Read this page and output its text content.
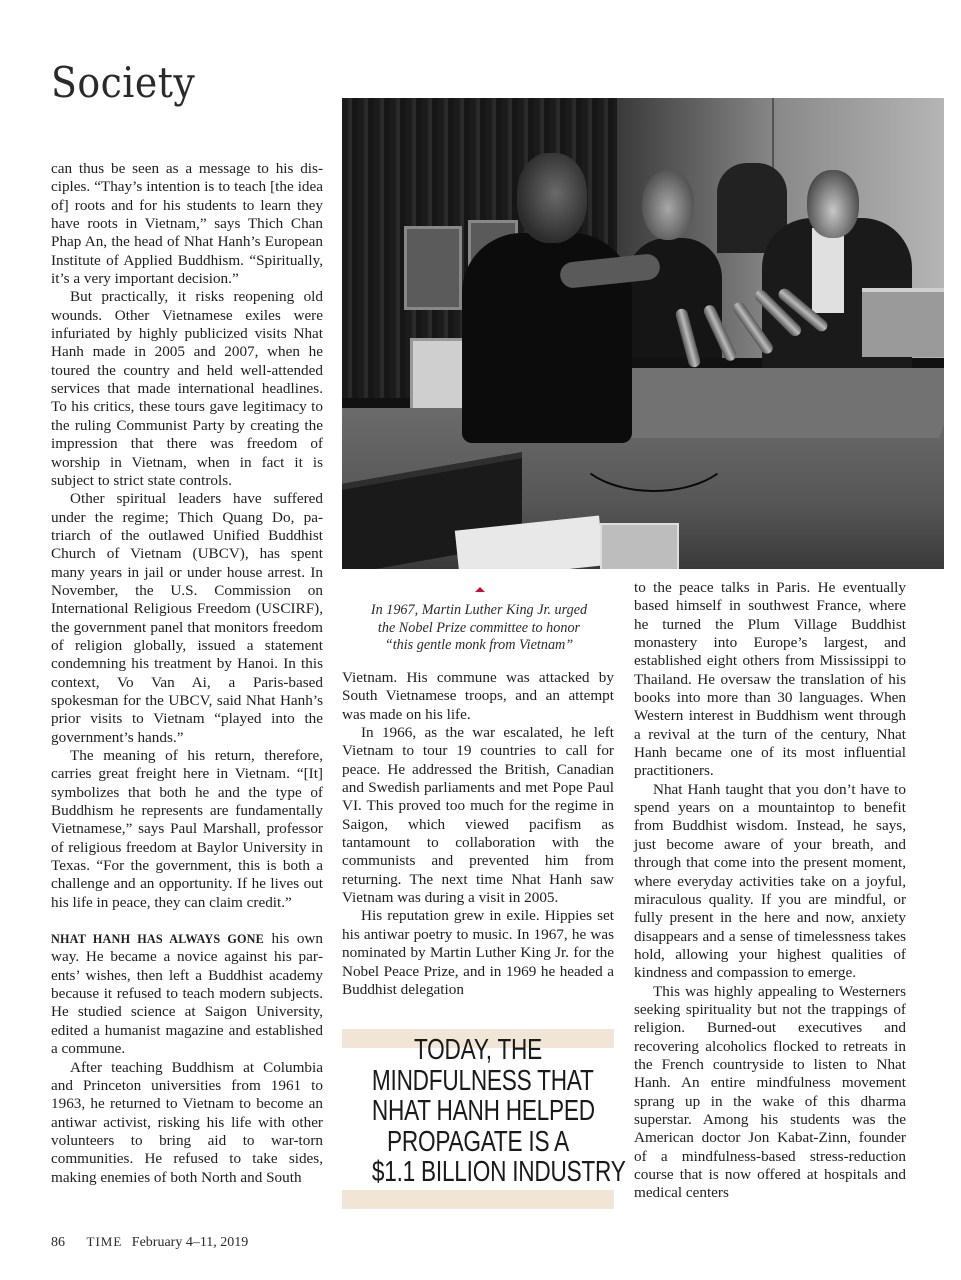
Society

can thus be seen as a message to his disciples. “Thay’s intention is to teach [the idea of] roots and for his students to learn they have roots in Vietnam,” says Thich Chan Phap An, the head of Nhat Hanh’s European Institute of Applied Buddhism. “Spiritually, it’s a very important decision.”

But practically, it risks reopening old wounds. Other Vietnamese exiles were infuriated by highly publicized visits Nhat Hanh made in 2005 and 2007, when he toured the country and held well-attended services that made international headlines. To his critics, these tours gave legitimacy to the ruling Communist Party by creating the impression that there was freedom of worship in Vietnam, when in fact it is subject to strict state controls.

Other spiritual leaders have suffered under the regime; Thich Quang Do, patriarch of the outlawed Unified Buddhist Church of Vietnam (UBCV), has spent many years in jail or under house arrest. In November, the U.S. Commission on International Religious Freedom (USCIRF), the government panel that monitors freedom of religion globally, issued a statement condemning his treatment by Hanoi. In this context, Vo Van Ai, a Paris-based spokesman for the UBCV, said Nhat Hanh’s prior visits to Vietnam “played into the government’s hands.”

The meaning of his return, therefore, carries great freight here in Vietnam. “[It] symbolizes that both he and the type of Buddhism he represents are fundamentally Vietnamese,” says Paul Marshall, professor of religious freedom at Baylor University in Texas. “For the government, this is both a challenge and an opportunity. If he lives out his life in peace, they can claim credit.”

NHAT HANH HAS ALWAYS GONE his own way. He became a novice against his parents’ wishes, then left a Buddhist academy because it refused to teach modern subjects. He studied science at Saigon University, edited a humanist magazine and established a commune.

After teaching Buddhism at Columbia and Princeton universities from 1961 to 1963, he returned to Vietnam to become an antiwar activist, risking his life with other volunteers to bring aid to war-torn communities. He refused to take sides, making enemies of both North and South

In 1967, Martin Luther King Jr. urged
the Nobel Prize committee to honor
“this gentle monk from Vietnam”

Vietnam. His commune was attacked by South Vietnamese troops, and an attempt was made on his life.

In 1966, as the war escalated, he left Vietnam to tour 19 countries to call for peace. He addressed the British, Canadian and Swedish parliaments and met Pope Paul VI. This proved too much for the regime in Saigon, which viewed pacifism as tantamount to collaboration with the communists and prevented him from returning. The next time Nhat Hanh saw Vietnam was during a visit in 2005.

His reputation grew in exile. Hippies set his antiwar poetry to music. In 1967, he was nominated by Martin Luther King Jr. for the Nobel Peace Prize, and in 1969 he headed a Buddhist delegation

TODAY, THE
MINDFULNESS THAT
NHAT HANH HELPED
PROPAGATE IS A
$1.1 BILLION INDUSTRY

to the peace talks in Paris. He eventually based himself in southwest France, where he turned the Plum Village Buddhist monastery into Europe’s largest, and established eight others from Mississippi to Thailand. He oversaw the translation of his books into more than 30 languages. When Western interest in Buddhism went through a revival at the turn of the century, Nhat Hanh became one of its most influential practitioners.

Nhat Hanh taught that you don’t have to spend years on a mountaintop to benefit from Buddhist wisdom. Instead, he says, just become aware of your breath, and through that come into the present moment, where everyday activities take on a joyful, miraculous quality. If you are mindful, or fully present in the here and now, anxiety disappears and a sense of timelessness takes hold, allowing your highest qualities of kindness and compassion to emerge.

This was highly appealing to Westerners seeking spirituality but not the trappings of religion. Burned-out executives and recovering alcoholics flocked to retreats in the French countryside to listen to Nhat Hanh. An entire mindfulness movement sprang up in the wake of this dharma superstar. Among his students was the American doctor Jon Kabat-Zinn, founder of a mindfulness-based stress-reduction course that is now offered at hospitals and medical centers

86 TIME February 4–11, 2019
